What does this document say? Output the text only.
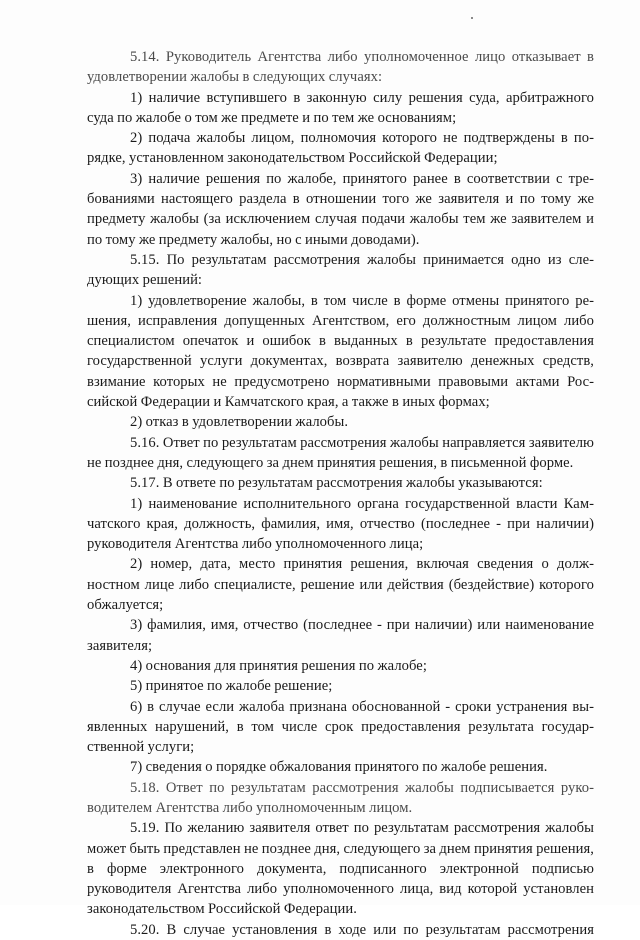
5.14. Руководитель Агентства либо уполномоченное лицо отказывает в удовлетворении жалобы в следующих случаях:

1) наличие вступившего в законную силу решения суда, арбитражного суда по жалобе о том же предмете и по тем же основаниям;

2) подача жалобы лицом, полномочия которого не подтверждены в порядке, установленном законодательством Российской Федерации;

3) наличие решения по жалобе, принятого ранее в соответствии с требованиями настоящего раздела в отношении того же заявителя и по тому же предмету жалобы (за исключением случая подачи жалобы тем же заявителем и по тому же предмету жалобы, но с иными доводами).

5.15. По результатам рассмотрения жалобы принимается одно из следующих решений:

1) удовлетворение жалобы, в том числе в форме отмены принятого решения, исправления допущенных Агентством, его должностным лицом либо специалистом опечаток и ошибок в выданных в результате предоставления государственной услуги документах, возврата заявителю денежных средств, взимание которых не предусмотрено нормативными правовыми актами Российской Федерации и Камчатского края, а также в иных формах;

2) отказ в удовлетворении жалобы.

5.16. Ответ по результатам рассмотрения жалобы направляется заявителю не позднее дня, следующего за днем принятия решения, в письменной форме.

5.17. В ответе по результатам рассмотрения жалобы указываются:

1) наименование исполнительного органа государственной власти Камчатского края, должность, фамилия, имя, отчество (последнее - при наличии) руководителя Агентства либо уполномоченного лица;

2) номер, дата, место принятия решения, включая сведения о должностном лице либо специалисте, решение или действия (бездействие) которого обжалуется;

3) фамилия, имя, отчество (последнее - при наличии) или наименование заявителя;

4) основания для принятия решения по жалобе;

5) принятое по жалобе решение;

6) в случае если жалоба признана обоснованной - сроки устранения выявленных нарушений, в том числе срок предоставления результата государственной услуги;

7) сведения о порядке обжалования принятого по жалобе решения.

5.18. Ответ по результатам рассмотрения жалобы подписывается руководителем Агентства либо уполномоченным лицом.

5.19. По желанию заявителя ответ по результатам рассмотрения жалобы может быть представлен не позднее дня, следующего за днем принятия решения, в форме электронного документа, подписанного электронной подписью руководителя Агентства либо уполномоченного лица, вид которой установлен законодательством Российской Федерации.

5.20. В случае установления в ходе или по результатам рассмотрения
